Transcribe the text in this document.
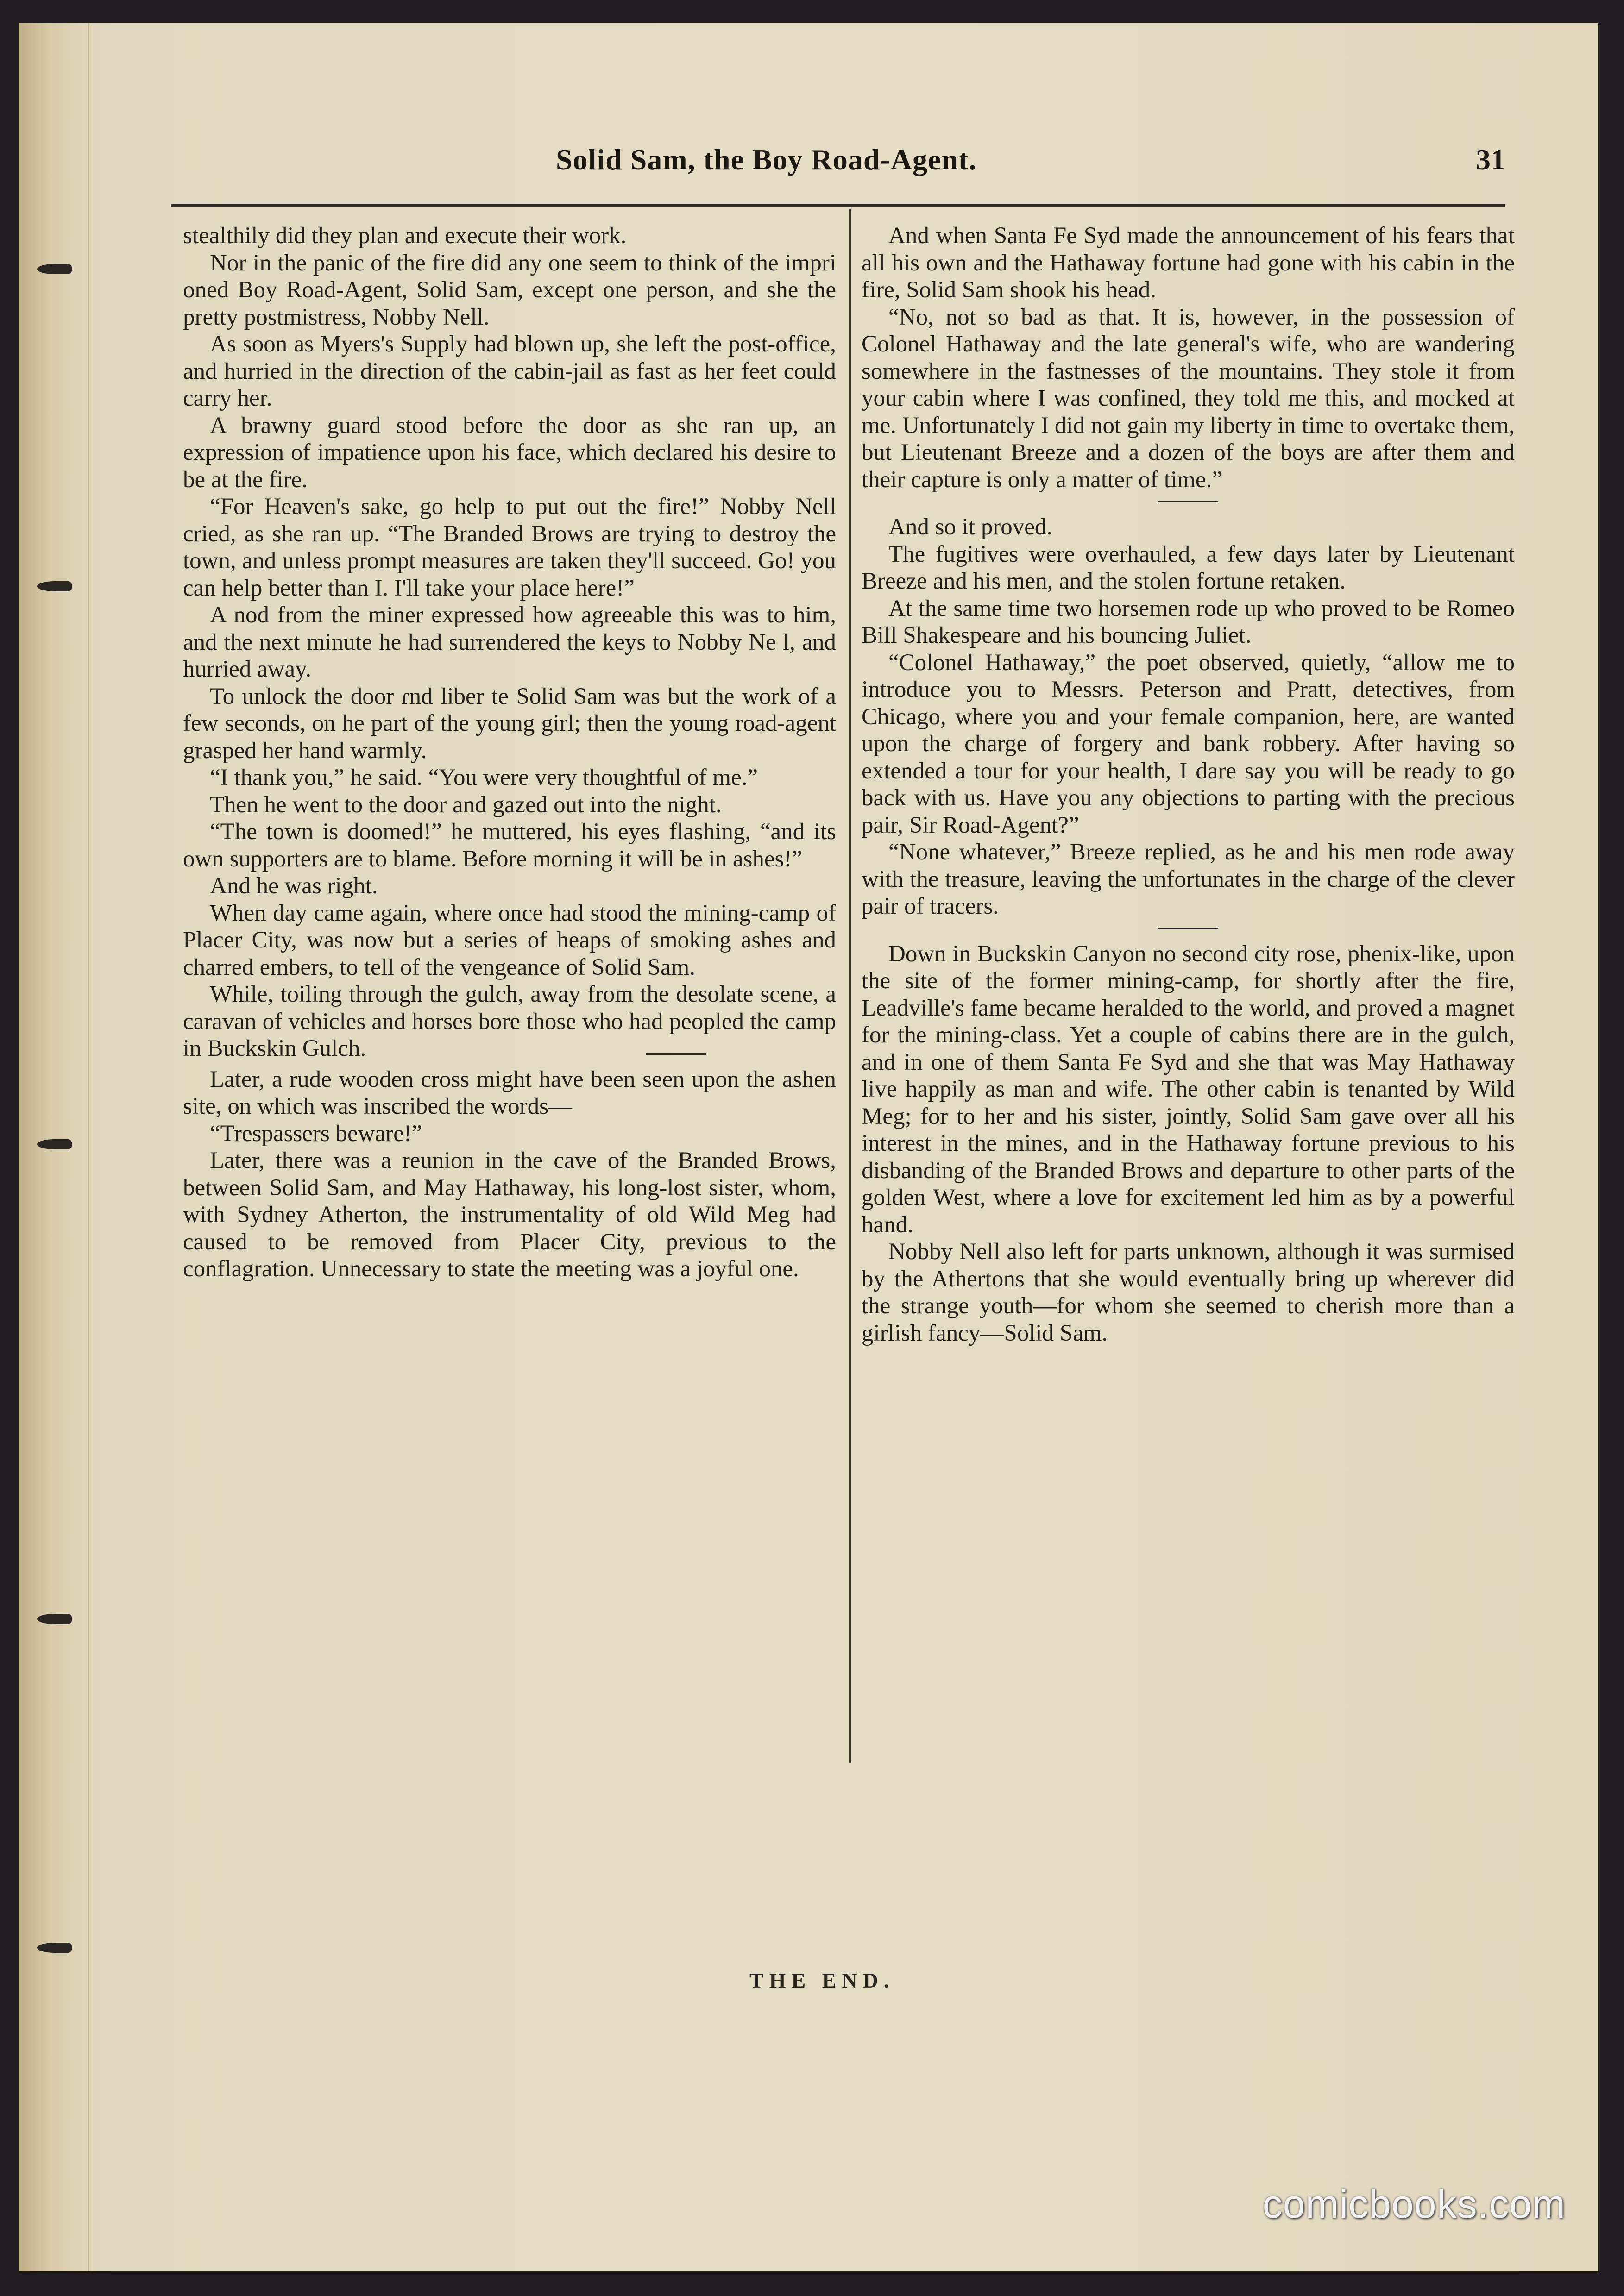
Solid Sam, the Boy Road-Agent.	31

stealthily did they plan and execute their work.

Nor in the panic of the fire did any one seem to think of the impri oned Boy Road-Agent, Solid Sam, except one person, and she the pretty postmistress, Nobby Nell.

As soon as Myers's Supply had blown up, she left the post-office, and hurried in the direction of the cabin-jail as fast as her feet could carry her.

A brawny guard stood before the door as she ran up, an expression of impatience upon his face, which declared his desire to be at the fire.

“For Heaven's sake, go help to put out the fire!” Nobby Nell cried, as she ran up. “The Branded Brows are trying to destroy the town, and unless prompt measures are taken they'll succeed. Go! you can help better than I. I'll take your place here!”

A nod from the miner expressed how agreeable this was to him, and the next minute he had surrendered the keys to Nobby Ne l, and hurried away.

To unlock the door ɾnd liber te Solid Sam was but the work of a few seconds, on he part of the young girl; then the young road-agent grasped her hand warmly.

“I thank you,” he said. “You were very thoughtful of me.”

Then he went to the door and gazed out into the night.

“The town is doomed!” he muttered, his eyes flashing, “and its own supporters are to blame. Before morning it will be in ashes!”

And he was right.

When day came again, where once had stood the mining-camp of Placer City, was now but a series of heaps of smoking ashes and charred embers, to tell of the vengeance of Solid Sam.

While, toiling through the gulch, away from the desolate scene, a caravan of vehicles and horses bore those who had peopled the camp in Buckskin Gulch.

Later, a rude wooden cross might have been seen upon the ashen site, on which was inscribed the words—

“Trespassers beware!”

Later, there was a reunion in the cave of the Branded Brows, between Solid Sam, and May Hathaway, his long-lost sister, whom, with Sydney Atherton, the instrumentality of old Wild Meg had caused to be removed from Placer City, previous to the conflagration. Unnecessary to state the meeting was a joyful one.

And when Santa Fe Syd made the announcement of his fears that all his own and the Hathaway fortune had gone with his cabin in the fire, Solid Sam shook his head.

“No, not so bad as that. It is, however, in the possession of Colonel Hathaway and the late general's wife, who are wandering somewhere in the fastnesses of the mountains. They stole it from your cabin where I was confined, they told me this, and mocked at me. Unfortunately I did not gain my liberty in time to overtake them, but Lieutenant Breeze and a dozen of the boys are after them and their capture is only a matter of time.”

And so it proved.

The fugitives were overhauled, a few days later by Lieutenant Breeze and his men, and the stolen fortune retaken.

At the same time two horsemen rode up who proved to be Romeo Bill Shakespeare and his bouncing Juliet.

“Colonel Hathaway,” the poet observed, quietly, “allow me to introduce you to Messrs. Peterson and Pratt, detectives, from Chicago, where you and your female companion, here, are wanted upon the charge of forgery and bank robbery. After having so extended a tour for your health, I dare say you will be ready to go back with us. Have you any objections to parting with the precious pair, Sir Road-Agent?”

“None whatever,” Breeze replied, as he and his men rode away with the treasure, leaving the unfortunates in the charge of the clever pair of tracers.

Down in Buckskin Canyon no second city rose, phenix-like, upon the site of the former mining-camp, for shortly after the fire, Leadville's fame became heralded to the world, and proved a magnet for the mining-class. Yet a couple of cabins there are in the gulch, and in one of them Santa Fe Syd and she that was May Hathaway live happily as man and wife. The other cabin is tenanted by Wild Meg; for to her and his sister, jointly, Solid Sam gave over all his interest in the mines, and in the Hathaway fortune previous to his disbanding of the Branded Brows and departure to other parts of the golden West, where a love for excitement led him as by a powerful hand.

Nobby Nell also left for parts unknown, although it was surmised by the Athertons that she would eventually bring up wherever did the strange youth—for whom she seemed to cherish more than a girlish fancy—Solid Sam.

THE END.
comicbooks.com
